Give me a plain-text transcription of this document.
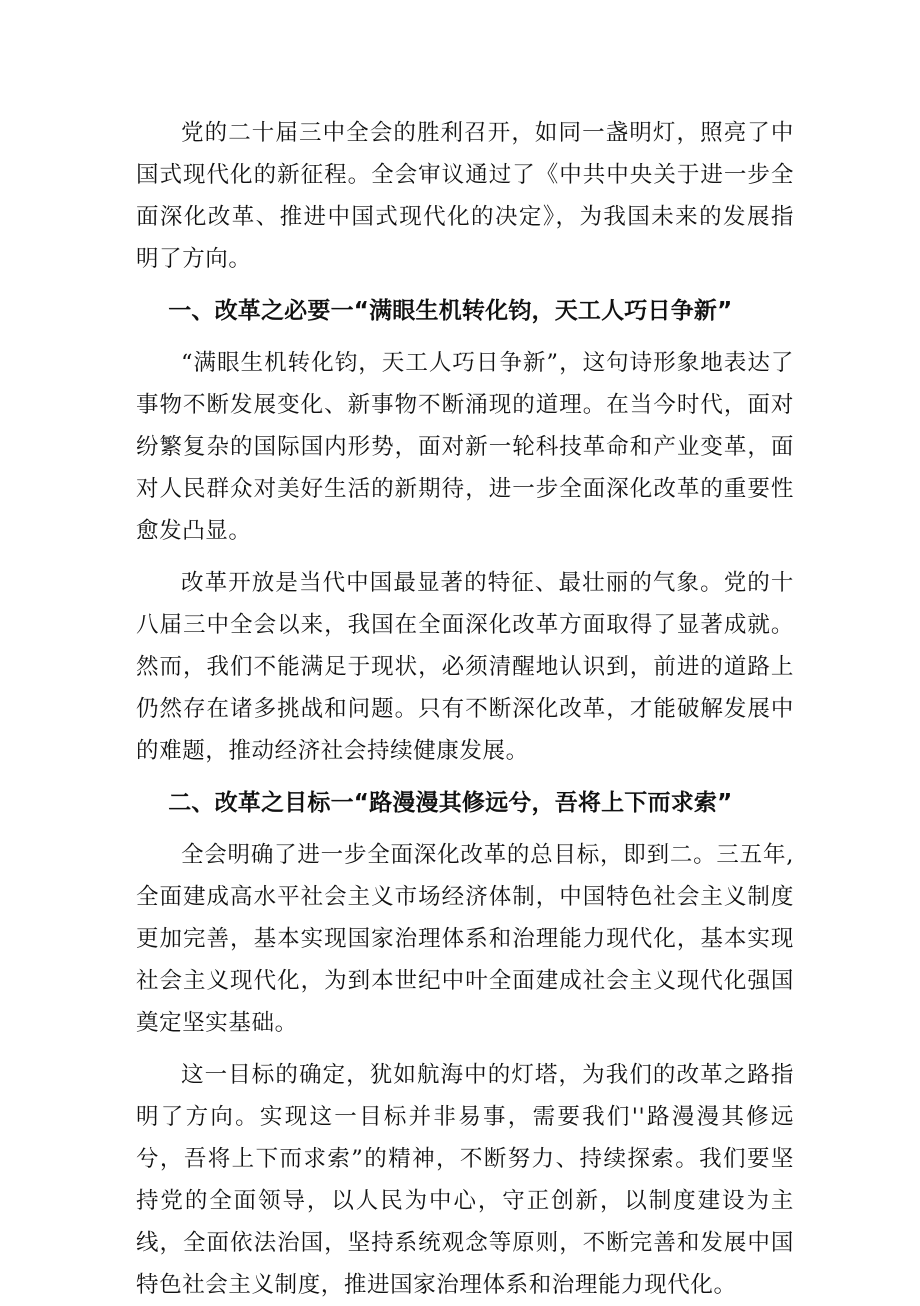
党的二十届三中全会的胜利召开，如同一盏明灯，照亮了中国式现代化的新征程。全会审议通过了《中共中央关于进一步全面深化改革、推进中国式现代化的决定》，为我国未来的发展指明了方向。

一、改革之必要一“满眼生机转化钧，天工人巧日争新”

“满眼生机转化钧，天工人巧日争新”，这句诗形象地表达了事物不断发展变化、新事物不断涌现的道理。在当今时代，面对纷繁复杂的国际国内形势，面对新一轮科技革命和产业变革，面对人民群众对美好生活的新期待，进一步全面深化改革的重要性愈发凸显。

改革开放是当代中国最显著的特征、最壮丽的气象。党的十八届三中全会以来，我国在全面深化改革方面取得了显著成就。然而，我们不能满足于现状，必须清醒地认识到，前进的道路上仍然存在诸多挑战和问题。只有不断深化改革，才能破解发展中的难题，推动经济社会持续健康发展。

二、改革之目标一“路漫漫其修远兮，吾将上下而求索”

全会明确了进一步全面深化改革的总目标，即到二。三五年,全面建成高水平社会主义市场经济体制，中国特色社会主义制度更加完善，基本实现国家治理体系和治理能力现代化，基本实现社会主义现代化，为到本世纪中叶全面建成社会主义现代化强国奠定坚实基础。

这一目标的确定，犹如航海中的灯塔，为我们的改革之路指明了方向。实现这一目标并非易事，需要我们''路漫漫其修远兮，吾将上下而求索”的精神，不断努力、持续探索。我们要坚持党的全面领导，以人民为中心，守正创新，以制度建设为主线，全面依法治国，坚持系统观念等原则，不断完善和发展中国特色社会主义制度，推进国家治理体系和治理能力现代化。
